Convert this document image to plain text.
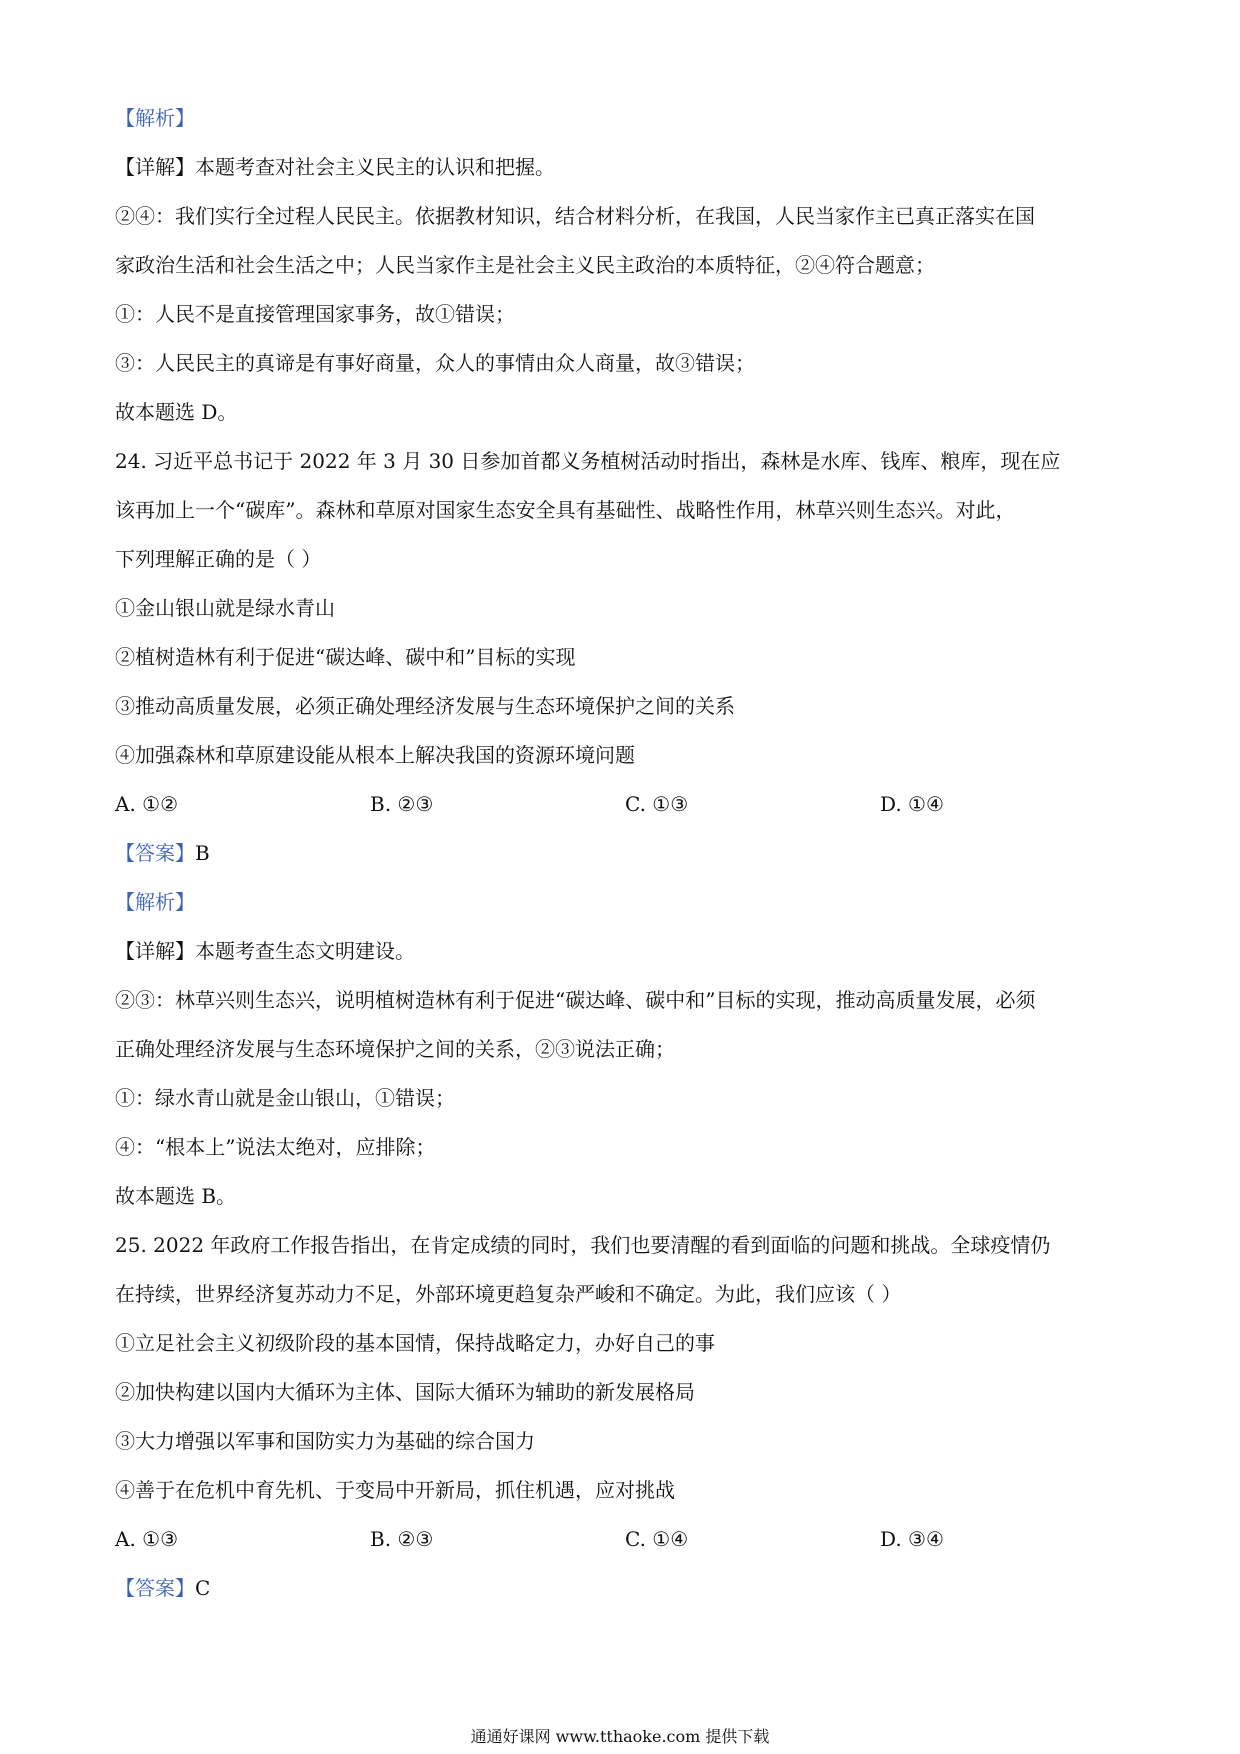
【解析】
【详解】本题考查对社会主义民主的认识和把握。
②④：我们实行全过程人民民主。依据教材知识，结合材料分析，在我国，人民当家作主已真正落实在国
家政治生活和社会生活之中；人民当家作主是社会主义民主政治的本质特征，②④符合题意；
①：人民不是直接管理国家事务，故①错误；
③：人民民主的真谛是有事好商量，众人的事情由众人商量，故③错误；
故本题选 D。
24. 习近平总书记于 2022 年 3 月 30 日参加首都义务植树活动时指出，森林是水库、钱库、粮库，现在应
该再加上一个“碳库”。森林和草原对国家生态安全具有基础性、战略性作用，林草兴则生态兴。对此，
下列理解正确的是（ ）
①金山银山就是绿水青山
②植树造林有利于促进“碳达峰、碳中和”目标的实现
③推动高质量发展，必须正确处理经济发展与生态环境保护之间的关系
④加强森林和草原建设能从根本上解决我国的资源环境问题
A. ①②	B. ②③	C. ①③	D. ①④
【答案】B
【解析】
【详解】本题考查生态文明建设。
②③：林草兴则生态兴，说明植树造林有利于促进“碳达峰、碳中和”目标的实现，推动高质量发展，必须
正确处理经济发展与生态环境保护之间的关系，②③说法正确；
①：绿水青山就是金山银山，①错误；
④：“根本上”说法太绝对，应排除；
故本题选 B。
25. 2022 年政府工作报告指出，在肯定成绩的同时，我们也要清醒的看到面临的问题和挑战。全球疫情仍
在持续，世界经济复苏动力不足，外部环境更趋复杂严峻和不确定。为此，我们应该（ ）
①立足社会主义初级阶段的基本国情，保持战略定力，办好自己的事
②加快构建以国内大循环为主体、国际大循环为辅助的新发展格局
③大力增强以军事和国防实力为基础的综合国力
④善于在危机中育先机、于变局中开新局，抓住机遇，应对挑战
A. ①③	B. ②③	C. ①④	D. ③④
【答案】C
通通好课网 www.tthaoke.com 提供下载
